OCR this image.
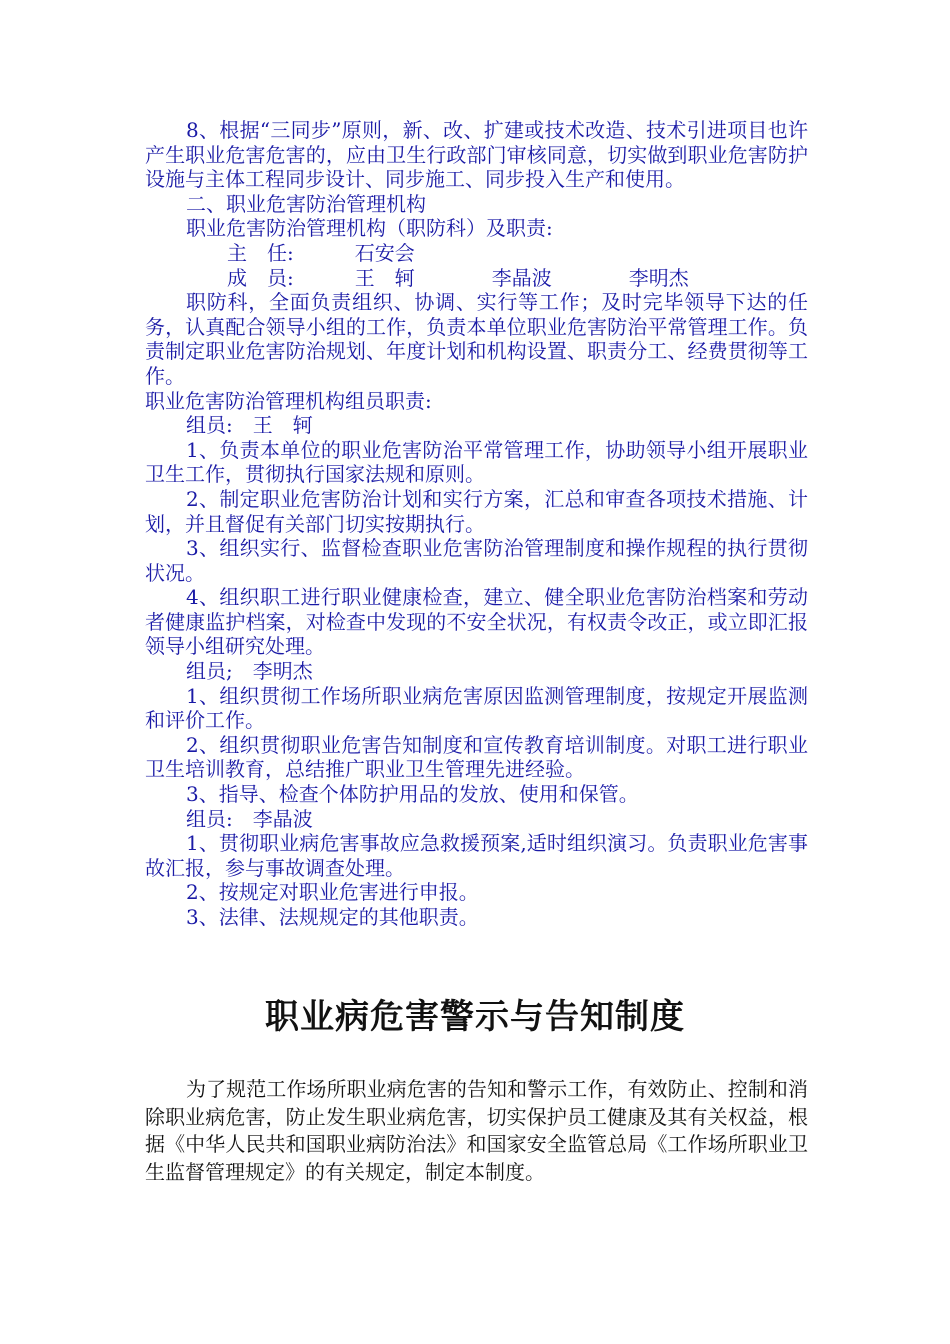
8、根据“三同步”原则，新、改、扩建或技术改造、技术引进项目也许产生职业危害危害的，应由卫生行政部门审核同意，切实做到职业危害防护设施与主体工程同步设计、同步施工、同步投入生产和使用。

二、职业危害防治管理机构

职业危害防治管理机构（职防科）及职责:

主　任:	石安会

成　员:	王　轲	李晶波	李明杰

职防科，全面负责组织、协调、实行等工作；及时完毕领导下达的任务，认真配合领导小组的工作，负责本单位职业危害防治平常管理工作。负责制定职业危害防治规划、年度计划和机构设置、职责分工、经费贯彻等工作。

职业危害防治管理机构组员职责:

组员:　王　轲

1、负责本单位的职业危害防治平常管理工作，协助领导小组开展职业卫生工作，贯彻执行国家法规和原则。

2、制定职业危害防治计划和实行方案，汇总和审查各项技术措施、计划，并且督促有关部门切实按期执行。

3、组织实行、监督检查职业危害防治管理制度和操作规程的执行贯彻状况。

4、组织职工进行职业健康检查，建立、健全职业危害防治档案和劳动者健康监护档案，对检查中发现的不安全状况，有权责令改正，或立即汇报领导小组研究处理。

组员;　李明杰

1、组织贯彻工作场所职业病危害原因监测管理制度，按规定开展监测和评价工作。

2、组织贯彻职业危害告知制度和宣传教育培训制度。对职工进行职业卫生培训教育，总结推广职业卫生管理先进经验。

3、指导、检查个体防护用品的发放、使用和保管。

组员:　李晶波

1、贯彻职业病危害事故应急救援预案,适时组织演习。负责职业危害事故汇报，参与事故调查处理。

2、按规定对职业危害进行申报。

3、法律、法规规定的其他职责。

职业病危害警示与告知制度

为了规范工作场所职业病危害的告知和警示工作，有效防止、控制和消除职业病危害，防止发生职业病危害，切实保护员工健康及其有关权益，根据《中华人民共和国职业病防治法》和国家安全监管总局《工作场所职业卫生监督管理规定》的有关规定，制定本制度。
